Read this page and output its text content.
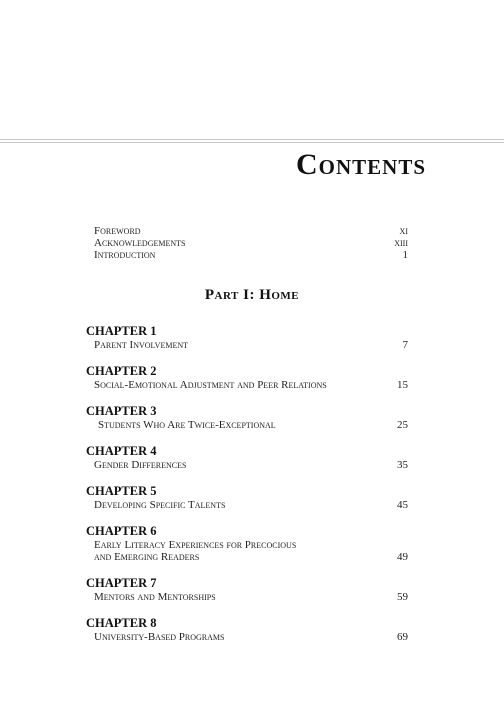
Contents
Foreword	xi
Acknowledgements	xiii
Introduction	1
Part I: Home
CHAPTER 1
Parent Involvement	7
CHAPTER 2
Social-Emotional Adjustment and Peer Relations	15
CHAPTER 3
Students Who Are Twice-Exceptional	25
CHAPTER 4
Gender Differences	35
CHAPTER 5
Developing Specific Talents	45
CHAPTER 6
Early Literacy Experiences for Precocious
and Emerging Readers	49
CHAPTER 7
Mentors and Mentorships	59
CHAPTER 8
University-Based Programs	69
